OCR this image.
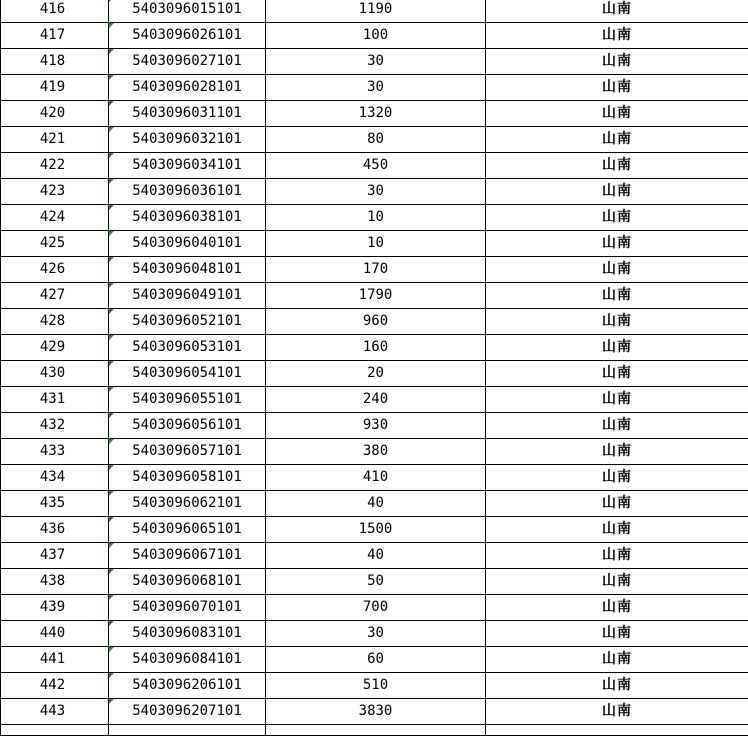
416	5403096015101	1190	山南
417	5403096026101	100	山南
418	5403096027101	30	山南
419	5403096028101	30	山南
420	5403096031101	1320	山南
421	5403096032101	80	山南
422	5403096034101	450	山南
423	5403096036101	30	山南
424	5403096038101	10	山南
425	5403096040101	10	山南
426	5403096048101	170	山南
427	5403096049101	1790	山南
428	5403096052101	960	山南
429	5403096053101	160	山南
430	5403096054101	20	山南
431	5403096055101	240	山南
432	5403096056101	930	山南
433	5403096057101	380	山南
434	5403096058101	410	山南
435	5403096062101	40	山南
436	5403096065101	1500	山南
437	5403096067101	40	山南
438	5403096068101	50	山南
439	5403096070101	700	山南
440	5403096083101	30	山南
441	5403096084101	60	山南
442	5403096206101	510	山南
443	5403096207101	3830	山南
